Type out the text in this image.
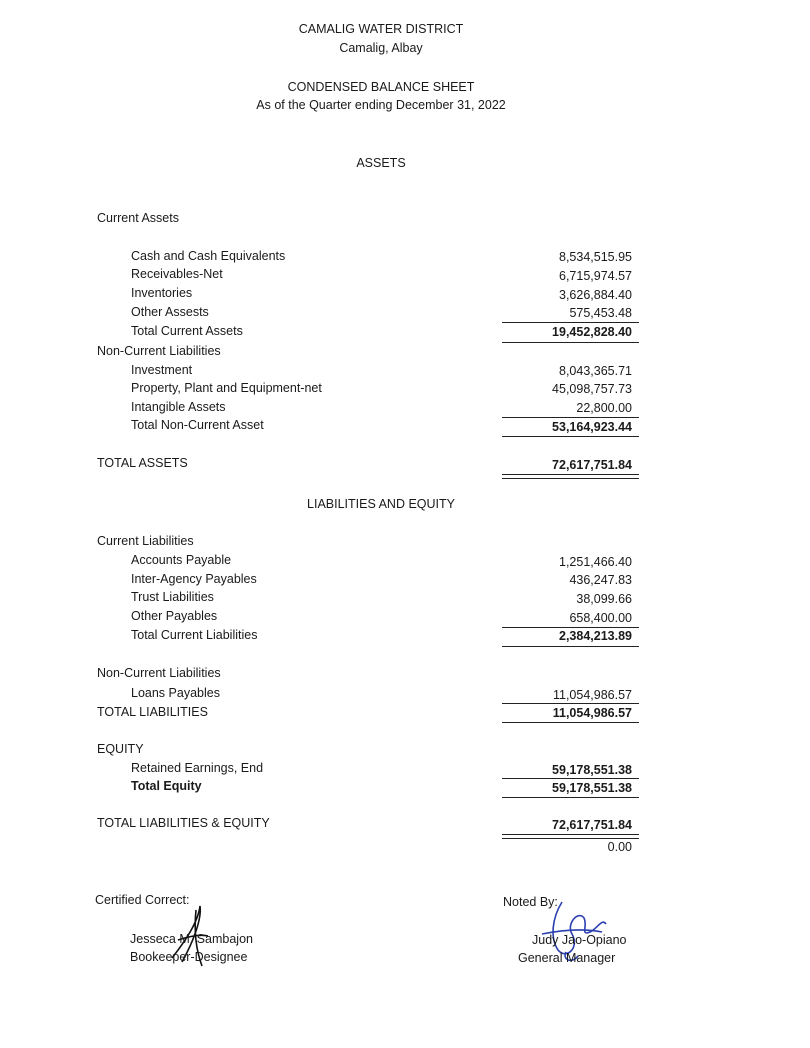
CAMALIG WATER DISTRICT
Camalig, Albay
CONDENSED BALANCE SHEET
As of the Quarter ending December 31, 2022
ASSETS
Current Assets
Cash and Cash Equivalents	8,534,515.95
Receivables-Net	6,715,974.57
Inventories	3,626,884.40
Other Assests	575,453.48
Total Current Assets	19,452,828.40
Non-Current Liabilities
Investment	8,043,365.71
Property, Plant and Equipment-net	45,098,757.73
Intangible Assets	22,800.00
Total Non-Current Asset	53,164,923.44
TOTAL ASSETS	72,617,751.84
LIABILITIES AND EQUITY
Current Liabilities
Accounts Payable	1,251,466.40
Inter-Agency Payables	436,247.83
Trust Liabilities	38,099.66
Other Payables	658,400.00
Total Current Liabilities	2,384,213.89
Non-Current Liabilities
Loans Payables	11,054,986.57
TOTAL LIABILITIES	11,054,986.57
EQUITY
Retained Earnings, End	59,178,551.38
Total Equity	59,178,551.38
TOTAL LIABILITIES & EQUITY	72,617,751.84
0.00
Certified Correct:
Jesseca M. Sambajon
Bookeeper-Designee
Noted By:
Judy Jao-Opiano
General Manager
